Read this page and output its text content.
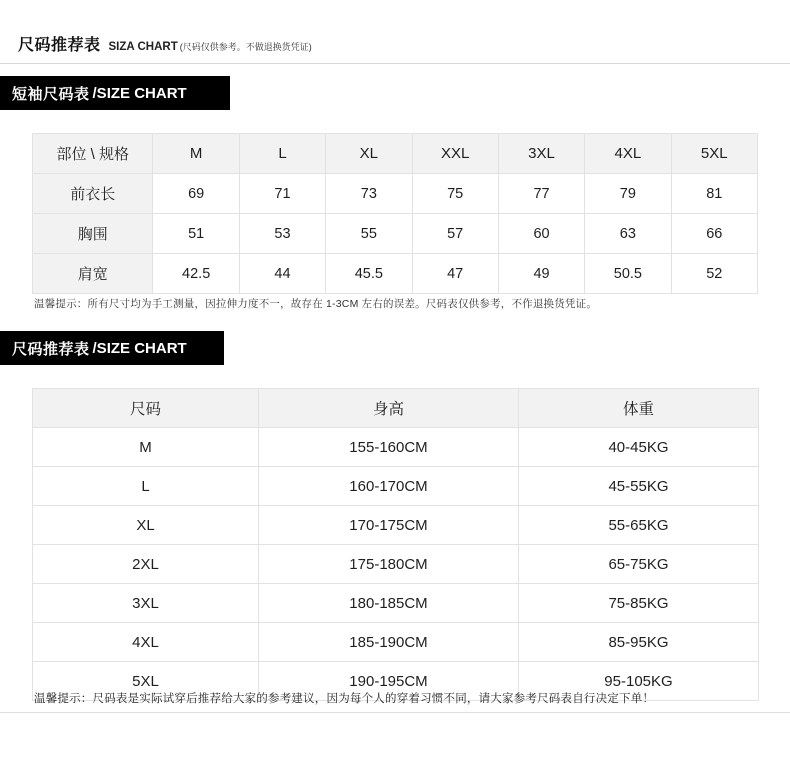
尺码推荐表 SIZA CHART (尺码仅供参考。不做退换货凭证)
短袖尺码表 /SIZE CHART
部位 \ 规格	M	L	XL	XXL	3XL	4XL	5XL
前衣长	69	71	73	75	77	79	81
胸围	51	53	55	57	60	63	66
肩宽	42.5	44	45.5	47	49	50.5	52
温馨提示：所有尺寸均为手工测量，因拉伸力度不一，故存在 1-3CM 左右的误差。尺码表仅供参考，不作退换货凭证。
尺码推荐表 /SIZE CHART
尺码	身高	体重
M	155-160CM	40-45KG
L	160-170CM	45-55KG
XL	170-175CM	55-65KG
2XL	175-180CM	65-75KG
3XL	180-185CM	75-85KG
4XL	185-190CM	85-95KG
5XL	190-195CM	95-105KG
温馨提示：尺码表是实际试穿后推荐给大家的参考建议，因为每个人的穿着习惯不同，请大家参考尺码表自行决定下单！
